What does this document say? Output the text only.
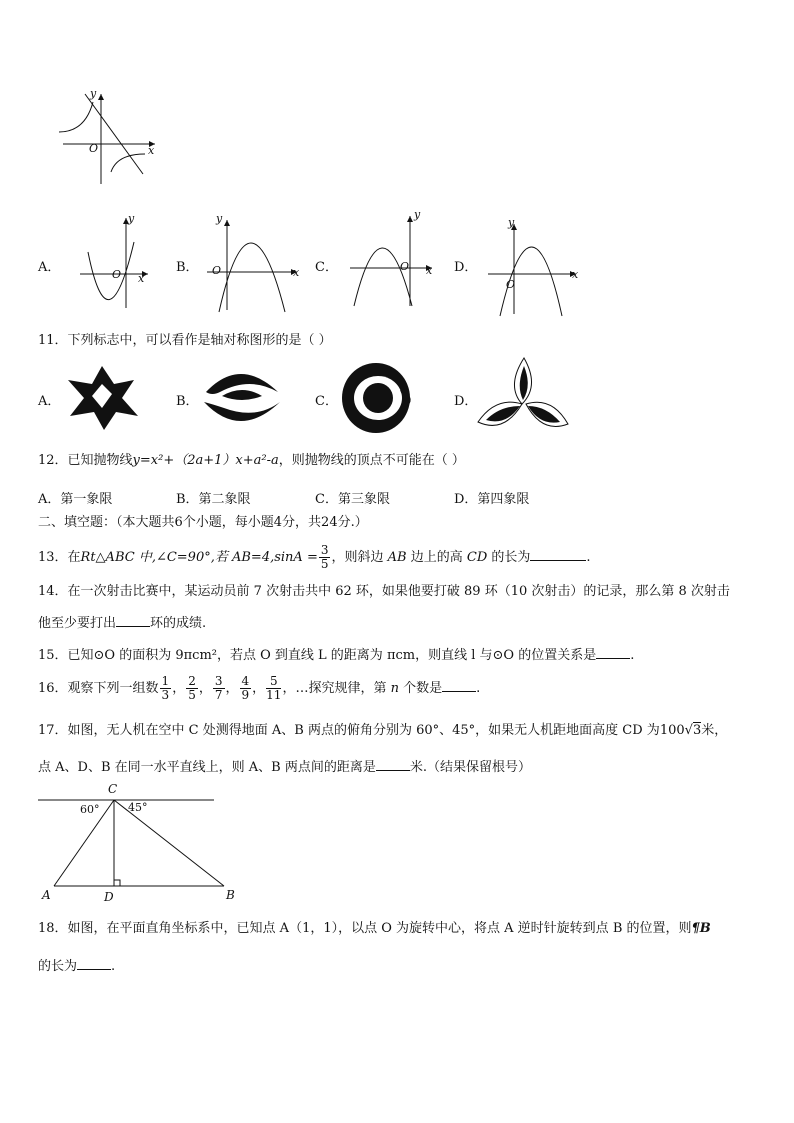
y
x
O
A．
y
x
O	B．
y
x
O	C．
y
x
O	D．
y
x
O
11．下列标志中，可以看作是轴对称图形的是（ ）
A．	B．	C．	D．
12．已知抛物线y=x²+（2a+1）x+a²-a，则抛物线的顶点不可能在（ ）
A．第一象限	B．第二象限	C．第三象限	D．第四象限
二、填空题：（本大题共6个小题，每小题4分，共24分.）
13．在Rt△ABC 中,∠C=90°,若 $AB=4,\sin A = \frac{3}{5}$ ，则斜边 AB 边上的高 CD 的长为	.
14．在一次射击比赛中，某运动员前 7 次射击共中 62 环，如果他要打破 89 环（10 次射击）的记录，那么第 8 次射击
他至少要打出	环的成绩.
15．已知⊙O 的面积为 9πcm²，若点 O 到直线 L 的距离为 πcm，则直线 l 与⊙O 的位置关系是	.
16．观察下列一组数 $\frac{1}{3}$ ， $\frac{2}{5}$ ， $\frac{3}{7}$ ， $\frac{4}{9}$ ， $\frac{5}{11}$ ，…探究规律，第 n 个数是	.
17．如图，无人机在空中 C 处测得地面 A、B 两点的俯角分别为 60°、45°，如果无人机距地面高度 CD 为100√3米，
点 A、D、B 在同一水平直线上，则 A、B 两点间的距离是	米.（结果保留根号）
C
60°	45°
A	D	B
18．如图，在平面直角坐标系中，已知点 A（1，1），以点 O 为旋转中心，将点 A 逆时针旋转到点 B 的位置，则¶B
的长为	.
